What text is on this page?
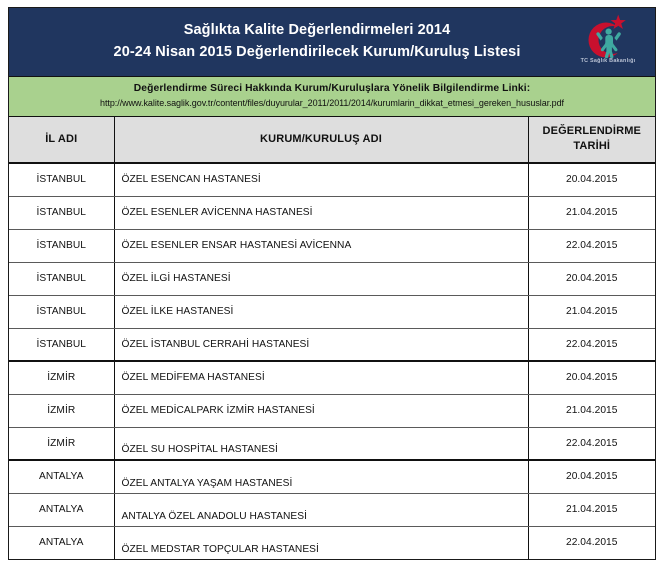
Sağlıkta Kalite Değerlendirmeleri 2014
20-24 Nisan 2015 Değerlendirilecek Kurum/Kuruluş Listesi
TC Sağlık Bakanlığı
Değerlendirme Süreci Hakkında Kurum/Kuruluşlara Yönelik Bilgilendirme Linki:
http://www.kalite.saglik.gov.tr/content/files/duyurular_2011/2011/2014/kurumlarin_dikkat_etmesi_gereken_hususlar.pdf
İL ADI	KURUM/KURULUŞ ADI	DEĞERLENDİRME
TARİHİ
İSTANBUL	ÖZEL ESENCAN HASTANESİ	20.04.2015
İSTANBUL	ÖZEL ESENLER AVİCENNA HASTANESİ	21.04.2015
İSTANBUL	ÖZEL ESENLER ENSAR HASTANESİ AVİCENNA	22.04.2015
İSTANBUL	ÖZEL İLGİ HASTANESİ	20.04.2015
İSTANBUL	ÖZEL İLKE HASTANESİ	21.04.2015
İSTANBUL	ÖZEL İSTANBUL CERRAHİ HASTANESİ	22.04.2015
İZMİR	ÖZEL MEDİFEMA HASTANESİ	20.04.2015
İZMİR	ÖZEL MEDİCALPARK İZMİR HASTANESİ	21.04.2015
İZMİR	ÖZEL SU HOSPİTAL HASTANESİ	22.04.2015
ANTALYA	ÖZEL ANTALYA YAŞAM HASTANESİ	20.04.2015
ANTALYA	ANTALYA ÖZEL ANADOLU HASTANESİ	21.04.2015
ANTALYA	ÖZEL MEDSTAR TOPÇULAR HASTANESİ	22.04.2015
